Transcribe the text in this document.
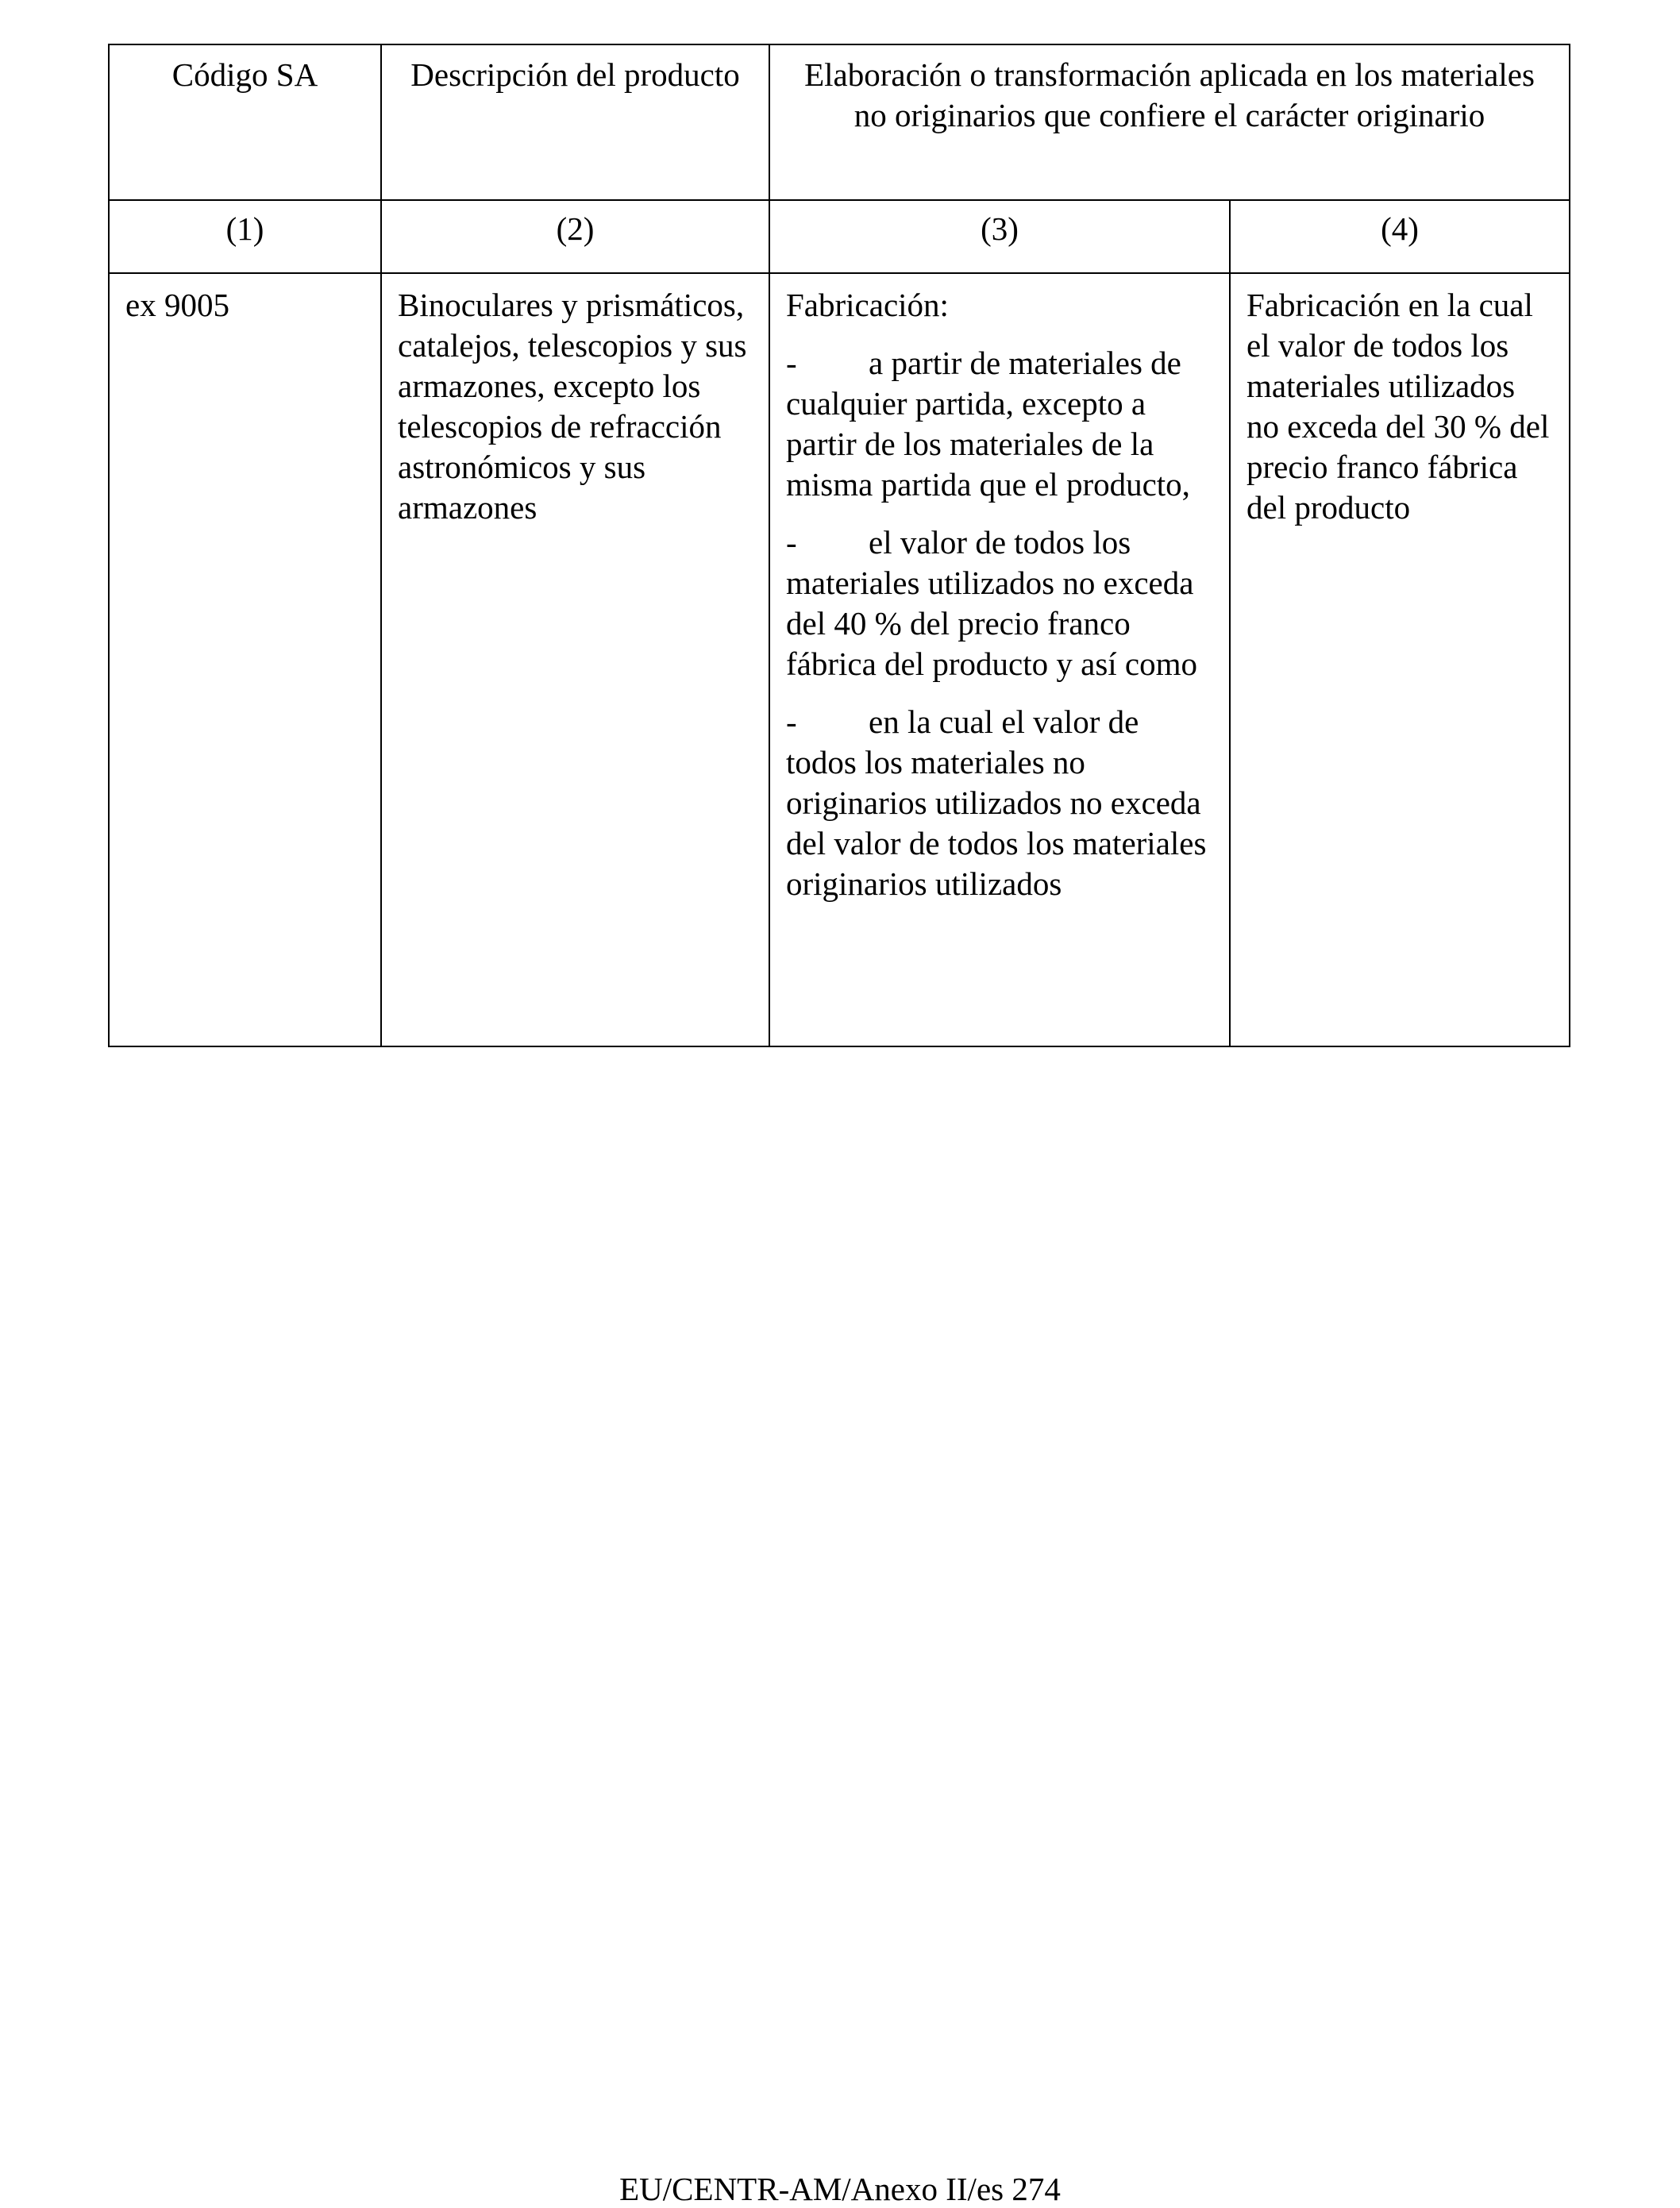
Código SA	Descripción del producto	Elaboración o transformación aplicada en los materiales no originarios que confiere el carácter originario	
(1)	(2)	(3)	(4)
ex 9005	Binoculares y prismáticos, catalejos, telescopios y sus armazones, excepto los telescopios de refracción astronómicos y sus armazones	Fabricación:

- a partir de materiales de cualquier partida, excepto a partir de los materiales de la misma partida que el producto,

- el valor de todos los materiales utilizados no exceda del 40 % del precio franco fábrica del producto y así como

- en la cual el valor de todos los materiales no originarios utilizados no exceda del valor de todos los materiales originarios utilizados	Fabricación en la cual el valor de todos los materiales utilizados no exceda del 30 % del precio franco fábrica del producto
EU/CENTR-AM/Anexo II/es 274
